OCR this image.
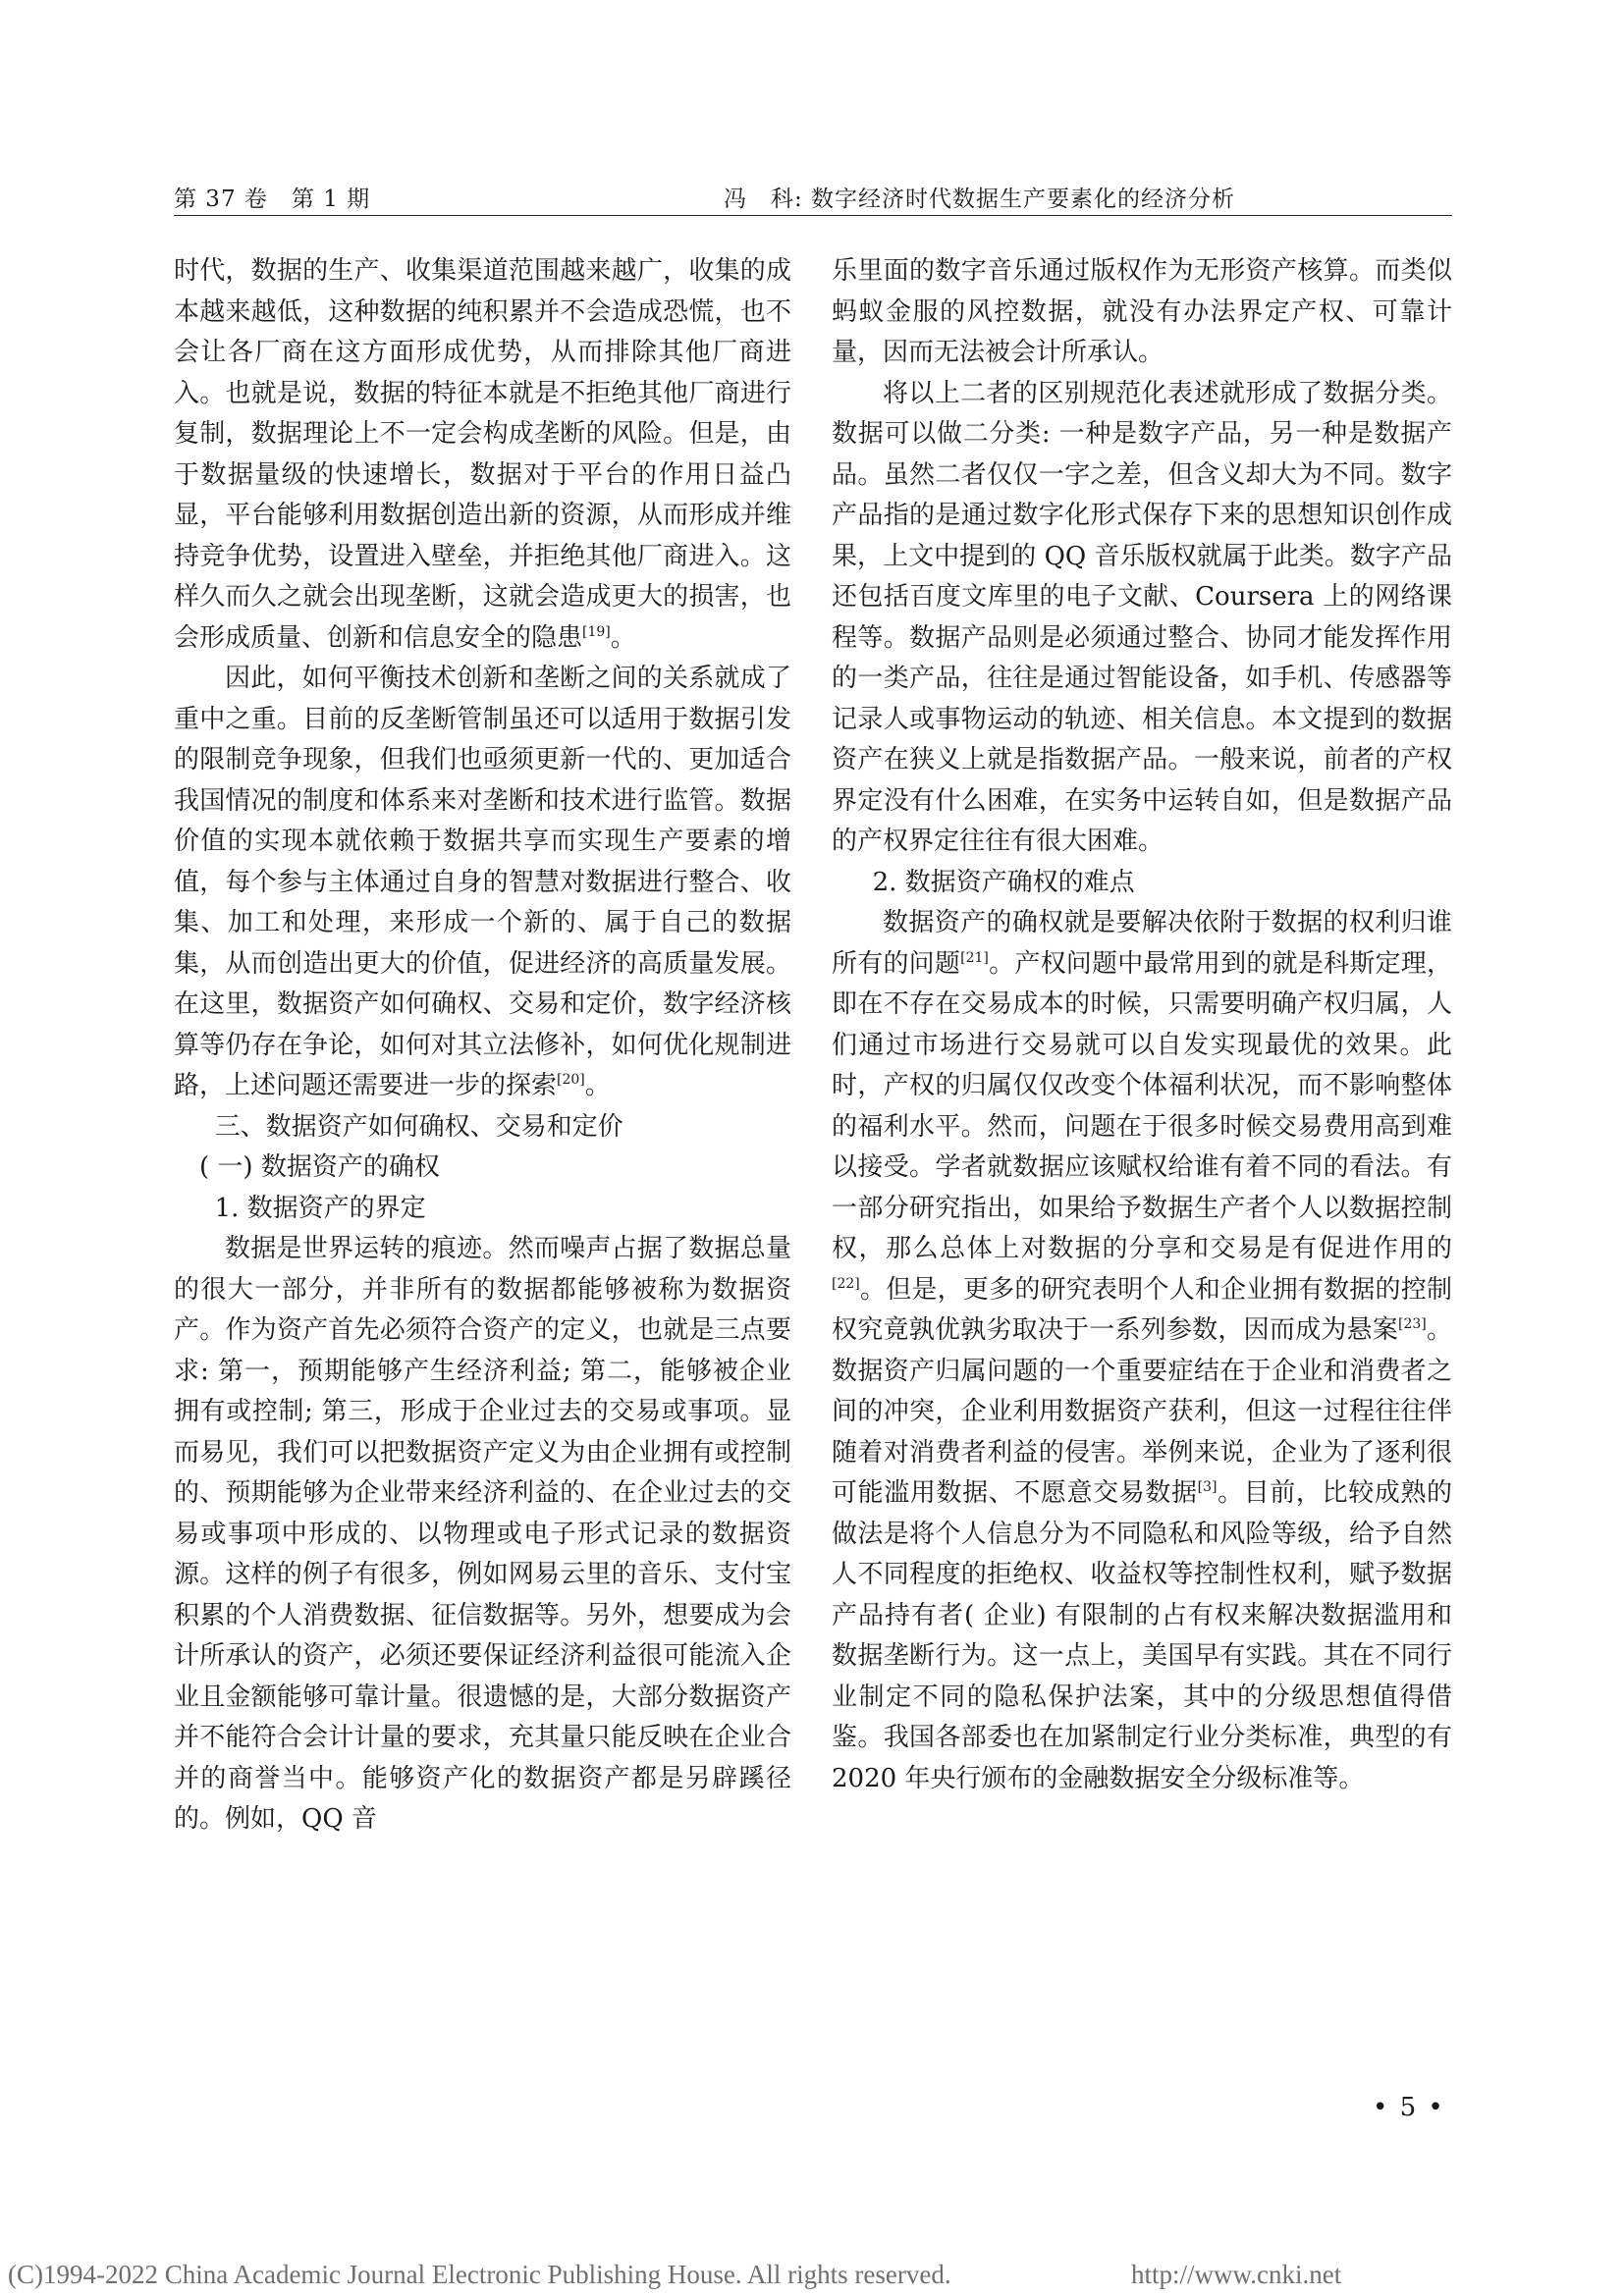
第 37 卷　第 1 期	冯　科: 数字经济时代数据生产要素化的经济分析

时代，数据的生产、收集渠道范围越来越广，收集的成本越来越低，这种数据的纯积累并不会造成恐慌，也不会让各厂商在这方面形成优势，从而排除其他厂商进入。也就是说，数据的特征本就是不拒绝其他厂商进行复制，数据理论上不一定会构成垄断的风险。但是，由于数据量级的快速增长，数据对于平台的作用日益凸显，平台能够利用数据创造出新的资源，从而形成并维持竞争优势，设置进入壁垒，并拒绝其他厂商进入。这样久而久之就会出现垄断，这就会造成更大的损害，也会形成质量、创新和信息安全的隐患[19]。

因此，如何平衡技术创新和垄断之间的关系就成了重中之重。目前的反垄断管制虽还可以适用于数据引发的限制竞争现象，但我们也亟须更新一代的、更加适合我国情况的制度和体系来对垄断和技术进行监管。数据价值的实现本就依赖于数据共享而实现生产要素的增值，每个参与主体通过自身的智慧对数据进行整合、收集、加工和处理，来形成一个新的、属于自己的数据集，从而创造出更大的价值，促进经济的高质量发展。在这里，数据资产如何确权、交易和定价，数字经济核算等仍存在争论，如何对其立法修补，如何优化规制进路，上述问题还需要进一步的探索[20]。

三、数据资产如何确权、交易和定价

( 一) 数据资产的确权

1. 数据资产的界定

数据是世界运转的痕迹。然而噪声占据了数据总量的很大一部分，并非所有的数据都能够被称为数据资产。作为资产首先必须符合资产的定义，也就是三点要求: 第一，预期能够产生经济利益; 第二，能够被企业拥有或控制; 第三，形成于企业过去的交易或事项。显而易见，我们可以把数据资产定义为由企业拥有或控制的、预期能够为企业带来经济利益的、在企业过去的交易或事项中形成的、以物理或电子形式记录的数据资源。这样的例子有很多，例如网易云里的音乐、支付宝积累的个人消费数据、征信数据等。另外，想要成为会计所承认的资产，必须还要保证经济利益很可能流入企业且金额能够可靠计量。很遗憾的是，大部分数据资产并不能符合会计计量的要求，充其量只能反映在企业合并的商誉当中。能够资产化的数据资产都是另辟蹊径的。例如，QQ 音

乐里面的数字音乐通过版权作为无形资产核算。而类似蚂蚁金服的风控数据，就没有办法界定产权、可靠计量，因而无法被会计所承认。

将以上二者的区别规范化表述就形成了数据分类。数据可以做二分类: 一种是数字产品，另一种是数据产品。虽然二者仅仅一字之差，但含义却大为不同。数字产品指的是通过数字化形式保存下来的思想知识创作成果，上文中提到的 QQ 音乐版权就属于此类。数字产品还包括百度文库里的电子文献、Coursera 上的网络课程等。数据产品则是必须通过整合、协同才能发挥作用的一类产品，往往是通过智能设备，如手机、传感器等记录人或事物运动的轨迹、相关信息。本文提到的数据资产在狭义上就是指数据产品。一般来说，前者的产权界定没有什么困难，在实务中运转自如，但是数据产品的产权界定往往有很大困难。

2. 数据资产确权的难点

数据资产的确权就是要解决依附于数据的权利归谁所有的问题[21]。产权问题中最常用到的就是科斯定理，即在不存在交易成本的时候，只需要明确产权归属，人们通过市场进行交易就可以自发实现最优的效果。此时，产权的归属仅仅改变个体福利状况，而不影响整体的福利水平。然而，问题在于很多时候交易费用高到难以接受。学者就数据应该赋权给谁有着不同的看法。有一部分研究指出，如果给予数据生产者个人以数据控制权，那么总体上对数据的分享和交易是有促进作用的[22]。但是，更多的研究表明个人和企业拥有数据的控制权究竟孰优孰劣取决于一系列参数，因而成为悬案[23]。数据资产归属问题的一个重要症结在于企业和消费者之间的冲突，企业利用数据资产获利，但这一过程往往伴随着对消费者利益的侵害。举例来说，企业为了逐利很可能滥用数据、不愿意交易数据[3]。目前，比较成熟的做法是将个人信息分为不同隐私和风险等级，给予自然人不同程度的拒绝权、收益权等控制性权利，赋予数据产品持有者( 企业) 有限制的占有权来解决数据滥用和数据垄断行为。这一点上，美国早有实践。其在不同行业制定不同的隐私保护法案，其中的分级思想值得借鉴。我国各部委也在加紧制定行业分类标准，典型的有 2020 年央行颁布的金融数据安全分级标准等。

• 5 •
(C)1994-2022 China Academic Journal Electronic Publishing House. All rights reserved.	http://www.cnki.net
